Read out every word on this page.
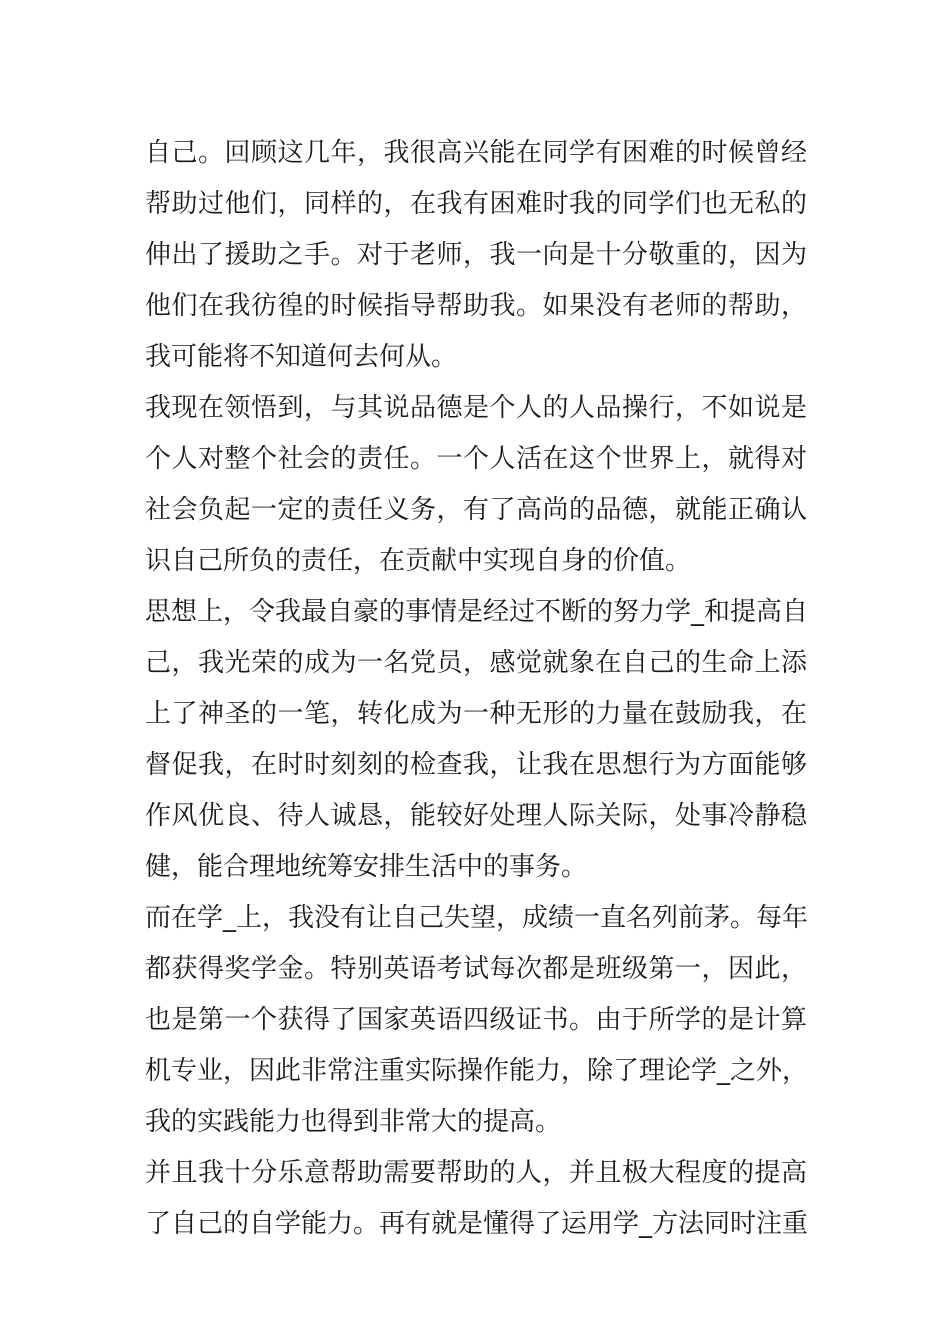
自己。回顾这几年，我很高兴能在同学有困难的时候曾经
帮助过他们，同样的，在我有困难时我的同学们也无私的
伸出了援助之手。对于老师，我一向是十分敬重的，因为
他们在我彷徨的时候指导帮助我。如果没有老师的帮助，
我可能将不知道何去何从。
我现在领悟到，与其说品德是个人的人品操行，不如说是
个人对整个社会的责任。一个人活在这个世界上，就得对
社会负起一定的责任义务，有了高尚的品德，就能正确认
识自己所负的责任，在贡献中实现自身的价值。
思想上，令我最自豪的事情是经过不断的努力学_和提高自
己，我光荣的成为一名党员，感觉就象在自己的生命上添
上了神圣的一笔，转化成为一种无形的力量在鼓励我，在
督促我，在时时刻刻的检查我，让我在思想行为方面能够
作风优良、待人诚恳，能较好处理人际关际，处事冷静稳
健，能合理地统筹安排生活中的事务。
而在学_上，我没有让自己失望，成绩一直名列前茅。每年
都获得奖学金。特别英语考试每次都是班级第一，因此，
也是第一个获得了国家英语四级证书。由于所学的是计算
机专业，因此非常注重实际操作能力，除了理论学_之外，
我的实践能力也得到非常大的提高。
并且我十分乐意帮助需要帮助的人，并且极大程度的提高
了自己的自学能力。再有就是懂得了运用学_方法同时注重
